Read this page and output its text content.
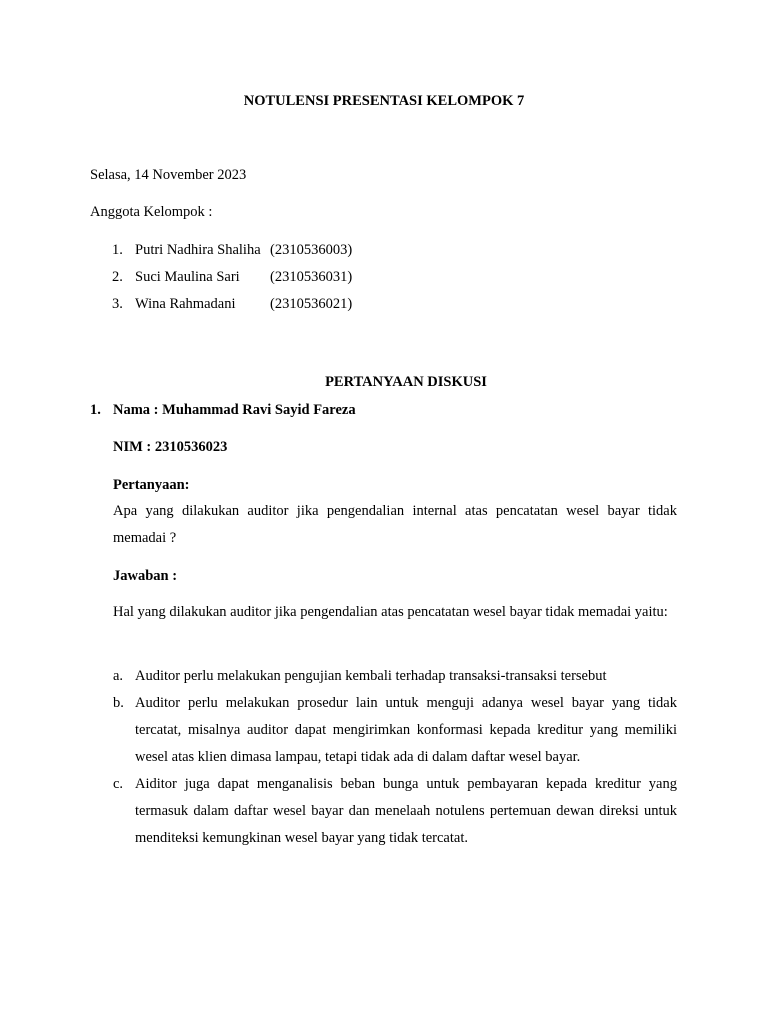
NOTULENSI PRESENTASI KELOMPOK 7
Selasa, 14 November 2023
Anggota Kelompok :
1. Putri Nadhira Shaliha (2310536003)
2. Suci Maulina Sari (2310536031)
3. Wina Rahmadani (2310536021)
PERTANYAAN DISKUSI
1. Nama : Muhammad Ravi Sayid Fareza
NIM : 2310536023
Pertanyaan:
Apa yang dilakukan auditor jika pengendalian internal atas pencatatan wesel bayar tidak memadai ?
Jawaban :
Hal yang dilakukan auditor jika pengendalian atas pencatatan wesel bayar tidak memadai yaitu:
a. Auditor perlu melakukan pengujian kembali terhadap transaksi-transaksi tersebut
b. Auditor perlu melakukan prosedur lain untuk menguji adanya wesel bayar yang tidak tercatat, misalnya auditor dapat mengirimkan konformasi kepada kreditur yang memiliki wesel atas klien dimasa lampau, tetapi tidak ada di dalam daftar wesel bayar.
c. Aiditor juga dapat menganalisis beban bunga untuk pembayaran kepada kreditur yang termasuk dalam daftar wesel bayar dan menelaah notulens pertemuan dewan direksi untuk menditeksi kemungkinan wesel bayar yang tidak tercatat.
